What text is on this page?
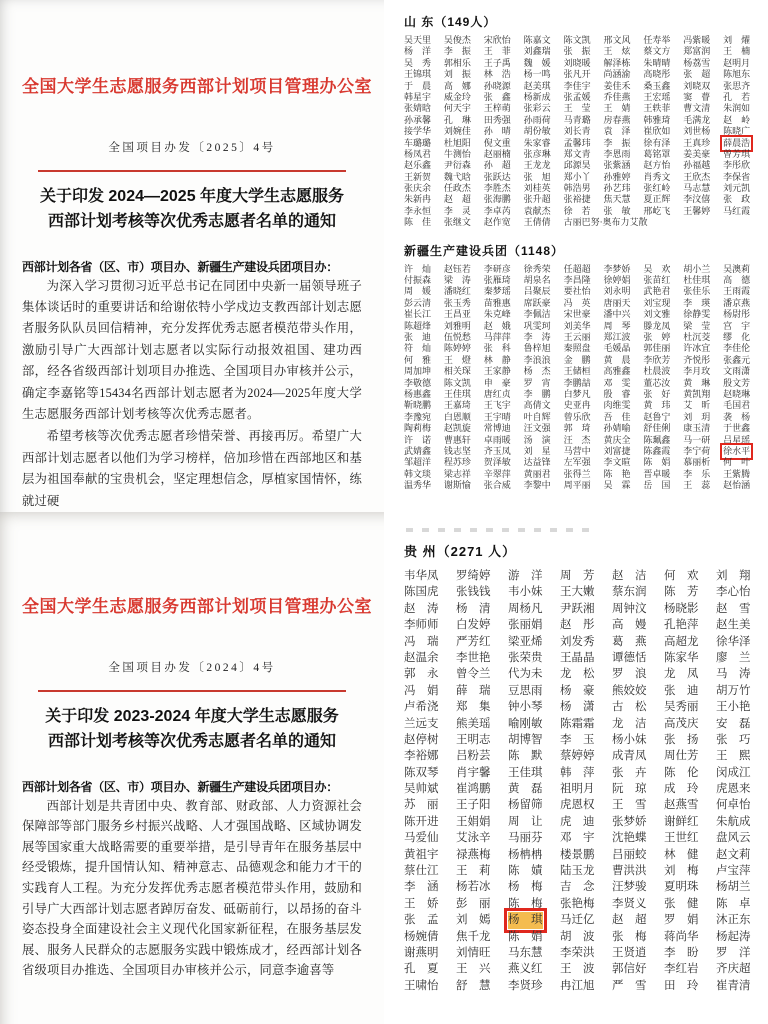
全国大学生志愿服务西部计划项目管理办公室
全国项目办发〔2025〕4号
关于印发 2024—2025 年度大学生志愿服务
西部计划考核等次优秀志愿者名单的通知
西部计划各省（区、市）项目办、新疆生产建设兵团项目办：

为深入学习贯彻习近平总书记在同团中央新一届领导班子集体谈话时的重要讲话和给谢依特小学戍边支教西部计划志愿者服务队队员回信精神，充分发挥优秀志愿者模范带头作用，激励引导广大西部计划志愿者以实际行动报效祖国、建功西部，经各省级西部计划项目办推选、全国项目办审核并公示，确定李嘉铭等15434名西部计划志愿者为2024—2025年度大学生志愿服务西部计划考核等次优秀志愿者。

希望考核等次优秀志愿者珍惜荣誉、再接再厉。希望广大西部计划志愿者以他们为学习榜样，倍加珍惜在西部地区和基层为祖国奉献的宝贵机会，坚定理想信念，厚植家国情怀，练就过硬

山 东（149人）
吴天里	吴俊杰	宋欣怡	陈嘉文	陈文凯	邢文风	任寿举	冯紫暖	刘燿
杨洋	李振	王菲	刘鑫瑞	张振	王炫	蔡文方	郑富润	王楠
吴秀	郭相乐	王子禹	魏媛	刘晓暖	解泽栋	朱晴晴	杨荔雪	赵明月
王锦琪	刘振	林浩	杨一鸣	张凡开	尚涵渝	高晓彤	张超	陈旭东
于晨	高娜	孙晓源	赵美琪	李佳宇	姜佳禾	桑玉鑫	刘晓双	张思齐
韩星宇	威金玲	张鑫	杨新成	张孟媛	乔佳燕	王宏瑶	窦瞢	孔若
张婧晗	何天宇	王梓萌	张彩云	王莹	王婧	王轶菲	曹文清	朱润如
孙承馨	孔琳	田秀强	孙雨荷	马青璐	房春燕	韩雅琦	毛满龙	赵岭
接学华	刘婉佳	孙晴	胡份敏	刘长青	袁泽	崔欣如	刘世杨	陈晓广
车璐璐	杜旭阳	倪文重	朱家睿	孟馨玮	李振	徐有泽	王真珍	薛晨浩
杨凤君	牛测怡	赵丽楠	张彦琳	郑文青	李恩雨	葛铭罩	姜美豪	曾芳琪
赵乐鑫	尹衍森	孙超	王龙龙	邱源昊	张紫涵	赵方怡	孙福越	李彤欣
王新贺	魏弋晗	张跃达	张旭	郑小丫	孙雅婷	肖秀文	王欣杰	李保省
张庆余	任政杰	李胜杰	刘桂英	韩浩男	孙艺玮	张红岭	马志慧	刘元凯
朱新冉	赵超	张海鹏	张升超	张裕捷	焦天慧	夏正辉	李汶僖	张政
李永恒	李灵	李卓芮	袁献杰	徐若	张敏	邢屹飞	王馨婷	马红霞
陈佳	张继文	赵作宽	王倩倩	古丽巴努·奥布力艾散
新疆生产建设兵团（1148）
许灿	赵钰若	李研彦	徐秀荣	任超超	李梦娇	吴欢	胡小兰	吴澳莉
付振森	梁涛	张雁琦	胡泉名	李昌隆	徐婷娟	张苗红	杜佳琪	高德
周媛	潘晓红	秦梦瑶	吕聚辰	要社怡	刘永明	武艳君	张佳乐	王雨霞
彭云清	张玉秀	苗雅惠	席跃豪	冯英	唐丽天	刘宝现	李瑛	潘京燕
崔长江	王昌亚	朱克峰	李佩洁	宋世豪	潘中兴	刘文雅	徐静雯	杨尉彤
陈超烽	刘雅明	赵娥	巩雯珂	刘美华	周琴	滕龙凤	梁莹	宫宇
张迪	伍悦愁	马萍萍	李涛	王云丽	郑江波	张婷	杜沉茭	缪化
符灿	陈婷婷	张科	鲁梓旭	秦照盘	毛媛晶	郭佳丽	许冰宜	李佳伦
何雅	王燈	林静	李浪浪	金鹏	黄晨	李欣芳	齐悦彤	张鑫元
周加坤	相关琛	王家静	杨杰	王储桓	高雅鑫	杜晨波	李月玫	文雨潇
李敬德	陈文凯	申豪	罗宵	李鹏喆	邓雯	董芯汝	黄琳	殷文芳
杨惠鑫	王佳琪	唐红贞	李鹏	白梦凡	殷睿	张好	黄凯翔	赵晓琳
靳晓鹏	王嘉琦	王飞宇	高倩文	史亚冉	肉维雯	黄玮	艾昕	毛国君
李豫宛	白恩顺	王宇晴	叶自辉	曾乐欣	吾佳	赵鲁宁	刘玥	袭杨
陶莉梅	赵凯旋	常博迪	汪文强	郭琦	孙婧喻	舒佳俐	康玉清	于世鑫
许诺	曹惠轩	卓雨暖	汤演	汪杰	黄庆全	陈珮鑫	马一研	吕星瑶
武婧鑫	钱志坚	齐玉凤	刘星	马营中	刘富捷	陈鑫霞	李宁荷	徐水平
邹超洋	程苏珍	贺泽敏	达益锋	左军强	李文暄	陈娟	慕丽析	何叶
韩文琰	梁志祥	辛翠萍	黄丽君	张得兰	陈艳	晋卓暖	李乐	王紫腾
温秀华	谢斯愉	张合威	李黎中	周平丽	吴霖	岳国	王蕊	赵怡涵
全国大学生志愿服务西部计划项目管理办公室
全国项目办发〔2024〕4号
关于印发 2023-2024 年度大学生志愿服务
西部计划考核等次优秀志愿者名单的通知
西部计划各省（区、市）项目办、新疆生产建设兵团项目办：

西部计划是共青团中央、教育部、财政部、人力资源社会保障部等部门服务乡村振兴战略、人才强国战略、区域协调发展等国家重大战略需要的重要举措，是引导青年在服务基层中经受锻炼，提升国情认知、精神意志、品德观念和能力才干的实践育人工程。为充分发挥优秀志愿者模范带头作用，鼓励和引导广大西部计划志愿者踔厉奋发、砥砺前行，以昂扬的奋斗姿态投身全面建设社会主义现代化国家新征程，在服务基层发展、服务人民群众的志愿服务实践中锻炼成才，经西部计划各省级项目办推选、全国项目办审核并公示，同意李逾喜等

贵 州（2271 人）
韦华凤	罗绮婷	游洋	周芳	赵洁	何欢	刘翔
陈国虎	张钱钱	韦小妹	王大嫩	蔡东润	陈芳	李心怡
赵涛	杨清	周杨凡	尹跃湘	周钟汶	杨晓影	赵雪
李师师	白发婷	张丽娟	赵彤	高嫚	孔艳萍	赵生美
冯瑞	严芳红	梁亚烯	刘发秀	葛燕	高超龙	徐华泽
赵温余	李世艳	张荣贵	王晶晶	谭德恬	陈家华	廖兰
郭永	曾令兰	代为未	龙松	罗浪	龙凤	马涛
冯娟	薛瑞	豆思雨	杨豪	熊姣姣	张迪	胡万竹
卢希浇	郑集	钟小琴	杨潇	古松	吴秀丽	王小艳
兰远支	熊美瑶	喻刚敏	陈霜霜	龙洁	高茂庆	安磊
赵停树	王明志	胡博智	李玉	杨小妹	张扬	张巧
李裕娜	吕粉芸	陈默	蔡婷婷	成青凤	周仕芳	王熙
陈双琴	肖宇馨	王佳琪	韩萍	张卉	陈伦	闵成江
吴帅斌	崔鸿鹏	黄磊	祖明月	阮琼	成玲	虎恩来
苏丽	王子阳	杨留筛	虎恩权	王雪	赵燕雪	何卓怡
陈开进	王娟娟	周让	虎迪	张梦娇	谢鲜红	朱航成
马爱仙	艾泳辛	马丽芬	邓宇	沈艳蝶	王世红	盘风云
黄祖宇	禄燕梅	杨柟柟	楼景鹏	吕丽蛟	林健	赵文莉
蔡仕江	王莉	陈嫧	陆玉龙	曹洪洪	刘梅	卢宝萍
李涵	杨若冰	杨梅	吉念	汪梦骏	夏明珠	杨胡兰
王娇	彭丽	陈梅	张艳梅	李贤义	张健	陈卓
张孟	刘嫣	杨琪	马迁亿	赵超	罗娟	沐正东
杨婉倩	焦千龙	陈娟	胡波	张梅	蒋尚华	杨起涛
谢燕明	刘情旺	马东慧	李荣洪	王贤逍	李盼	罗洋
孔夏	王兴	燕义红	王波	郭信好	李红岩	齐庆超
王啸怡	舒慧	李贤珍	冉江旭	严雪	田玲	崔青清
